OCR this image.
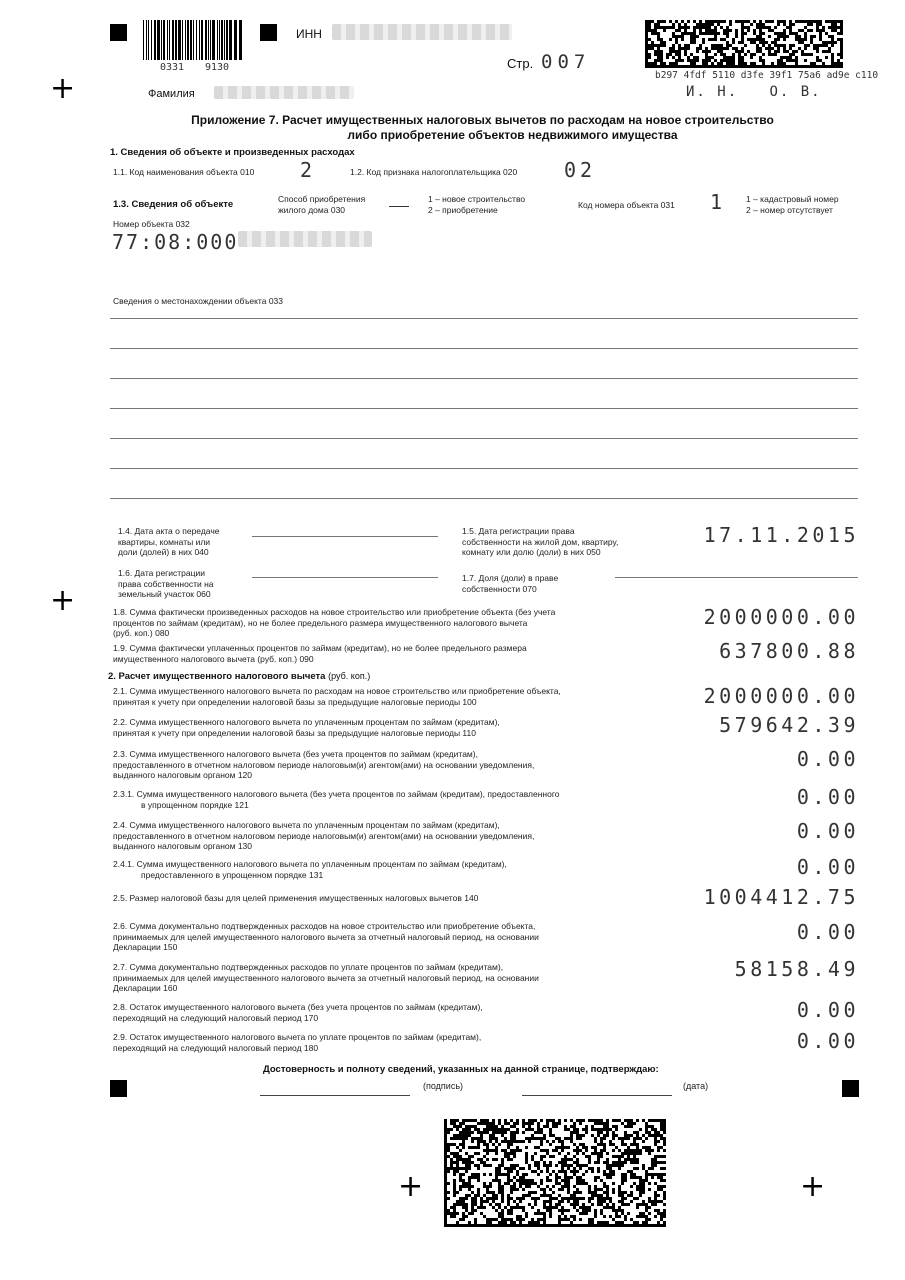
+
+
+	+
0331 9130
ИНН
Стр. 007
b297 4fdf 5110 d3fe 39f1 75a6 ad9e c110
Фамилия	И. Н. О. В.
Приложение 7. Расчет имущественных налоговых вычетов по расходам на новое строительство
либо приобретение объектов недвижимого имущества
1. Сведения об объекте и произведенных расходах
1.1. Код наименования объекта 010 2	1.2. Код признака налогоплательщика 020 02
1.3. Сведения об объекте	Способ приобретения
жилого дома 030
1 – новое строительство
2 – приобретение	Код номера объекта 031 1	1 – кадастровый номер
2 – номер отсутствует
Номер объекта 032
77:08:000
Сведения о местонахождении объекта 033
1.4. Дата акта о передаче
квартиры, комнаты или
доли (долей) в них 040
1.5. Дата регистрации права
собственности на жилой дом, квартиру,
комнату или долю (доли) в них 050
17.11.2015
1.6. Дата регистрации
права собственности на
земельный участок 060
1.7. Доля (доли) в праве
собственности 070
1.8. Сумма фактически произведенных расходов на новое строительство или приобретение объекта (без учета
процентов по займам (кредитам), но не более предельного размера имущественного налогового вычета
(руб. коп.) 080
2000000.00
1.9. Сумма фактически уплаченных процентов по займам (кредитам), но не более предельного размера
имущественного налогового вычета (руб. коп.) 090	637800.88
2. Расчет имущественного налогового вычета (руб. коп.)
2.1. Сумма имущественного налогового вычета по расходам на новое строительство или приобретение объекта,
принятая к учету при определении налоговой базы за предыдущие налоговые периоды 100	2000000.00
2.2. Сумма имущественного налогового вычета по уплаченным процентам по займам (кредитам),
принятая к учету при определении налоговой базы за предыдущие налоговые периоды 110	579642.39
2.3. Сумма имущественного налогового вычета (без учета процентов по займам (кредитам),
предоставленного в отчетном налоговом периоде налоговым(и) агентом(ами) на основании уведомления,
выданного налоговым органом 120
0.00
2.3.1. Сумма имущественного налогового вычета (без учета процентов по займам (кредитам), предоставленного
в упрощенном порядке 121	0.00
2.4. Сумма имущественного налогового вычета по уплаченным процентам по займам (кредитам),
предоставленного в отчетном налоговом периоде налоговым(и) агентом(ами) на основании уведомления,
выданного налоговым органом 130
0.00
2.4.1. Сумма имущественного налогового вычета по уплаченным процентам по займам (кредитам),
предоставленного в упрощенном порядке 131	0.00
2.5. Размер налоговой базы для целей применения имущественных налоговых вычетов 140	1004412.75
2.6. Сумма документально подтвержденных расходов на новое строительство или приобретение объекта,
принимаемых для целей имущественного налогового вычета за отчетный налоговый период, на основании
Декларации 150
0.00
2.7. Сумма документально подтвержденных расходов по уплате процентов по займам (кредитам),
принимаемых для целей имущественного налогового вычета за отчетный налоговый период, на основании
Декларации 160
58158.49
2.8. Остаток имущественного налогового вычета (без учета процентов по займам (кредитам),
переходящий на следующий налоговый период 170	0.00
2.9. Остаток имущественного налогового вычета по уплате процентов по займам (кредитам),
переходящий на следующий налоговый период 180	0.00
Достоверность и полноту сведений, указанных на данной странице, подтверждаю:
(подпись)	(дата)
